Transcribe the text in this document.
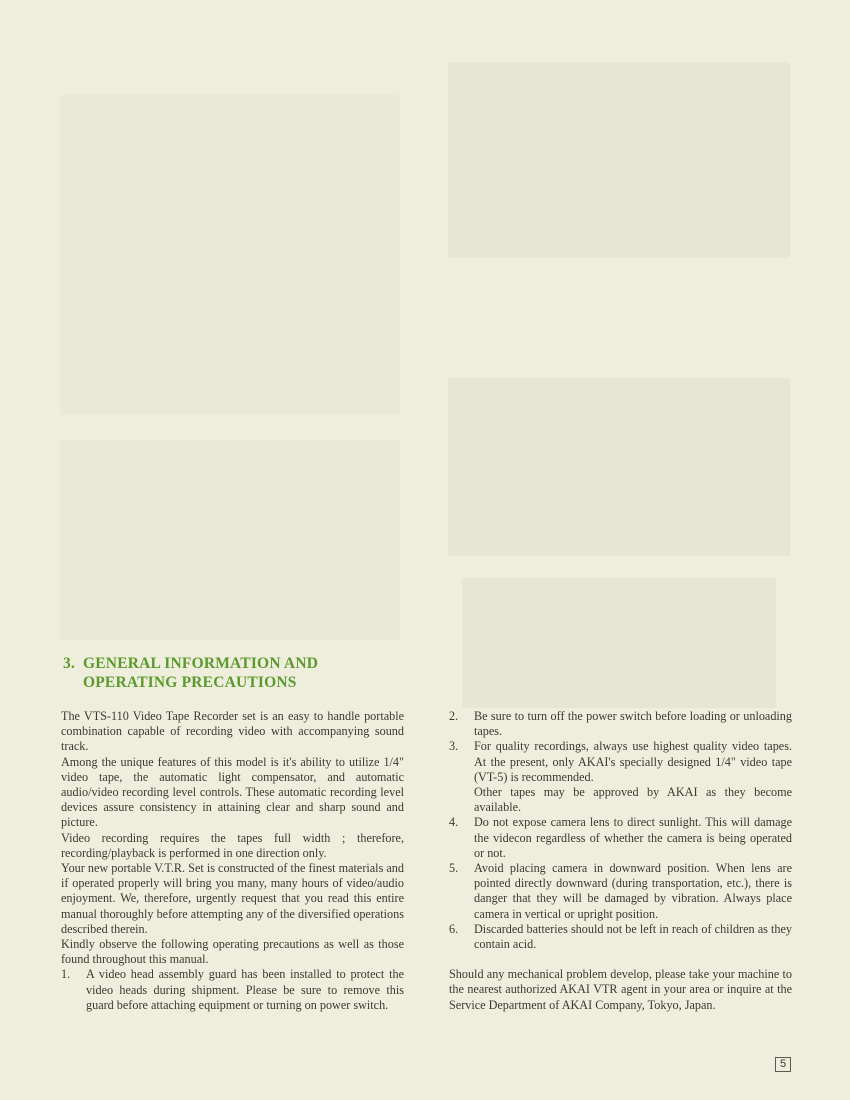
3. GENERAL INFORMATION AND
OPERATING PRECAUTIONS

The VTS-110 Video Tape Recorder set is an easy to handle portable combination capable of recording video with accompanying sound track.

Among the unique features of this model is it's ability to utilize 1/4" video tape, the automatic light compensator, and automatic audio/video recording level controls. These automatic recording level devices assure consistency in attaining clear and sharp sound and picture.

Video recording requires the tapes full width ; therefore, recording/playback is performed in one direction only.

Your new portable V.T.R. Set is constructed of the finest materials and if operated properly will bring you many, many hours of video/audio enjoyment. We, therefore, urgently request that you read this entire manual thoroughly before attempting any of the diversified operations described therein.

Kindly observe the following operating precautions as well as those found throughout this manual.

1.	A video head assembly guard has been installed to protect the video heads during shipment. Please be sure to remove this guard before attaching equipment or turning on power switch.
2.	Be sure to turn off the power switch before loading or unloading tapes.
3.	For quality recordings, always use highest quality video tapes. At the present, only AKAI's specially designed 1/4" video tape (VT-5) is recommended.

Other tapes may be approved by AKAI as they become available.

4.	Do not expose camera lens to direct sunlight. This will damage the videcon regardless of whether the camera is being operated or not.
5.	Avoid placing camera in downward position. When lens are pointed directly downward (during transportation, etc.), there is danger that they will be damaged by vibration. Always place camera in vertical or upright position.
6.	Discarded batteries should not be left in reach of children as they contain acid.

Should any mechanical problem develop, please take your machine to the nearest authorized AKAI VTR agent in your area or inquire at the Service Department of AKAI Company, Tokyo, Japan.

5
